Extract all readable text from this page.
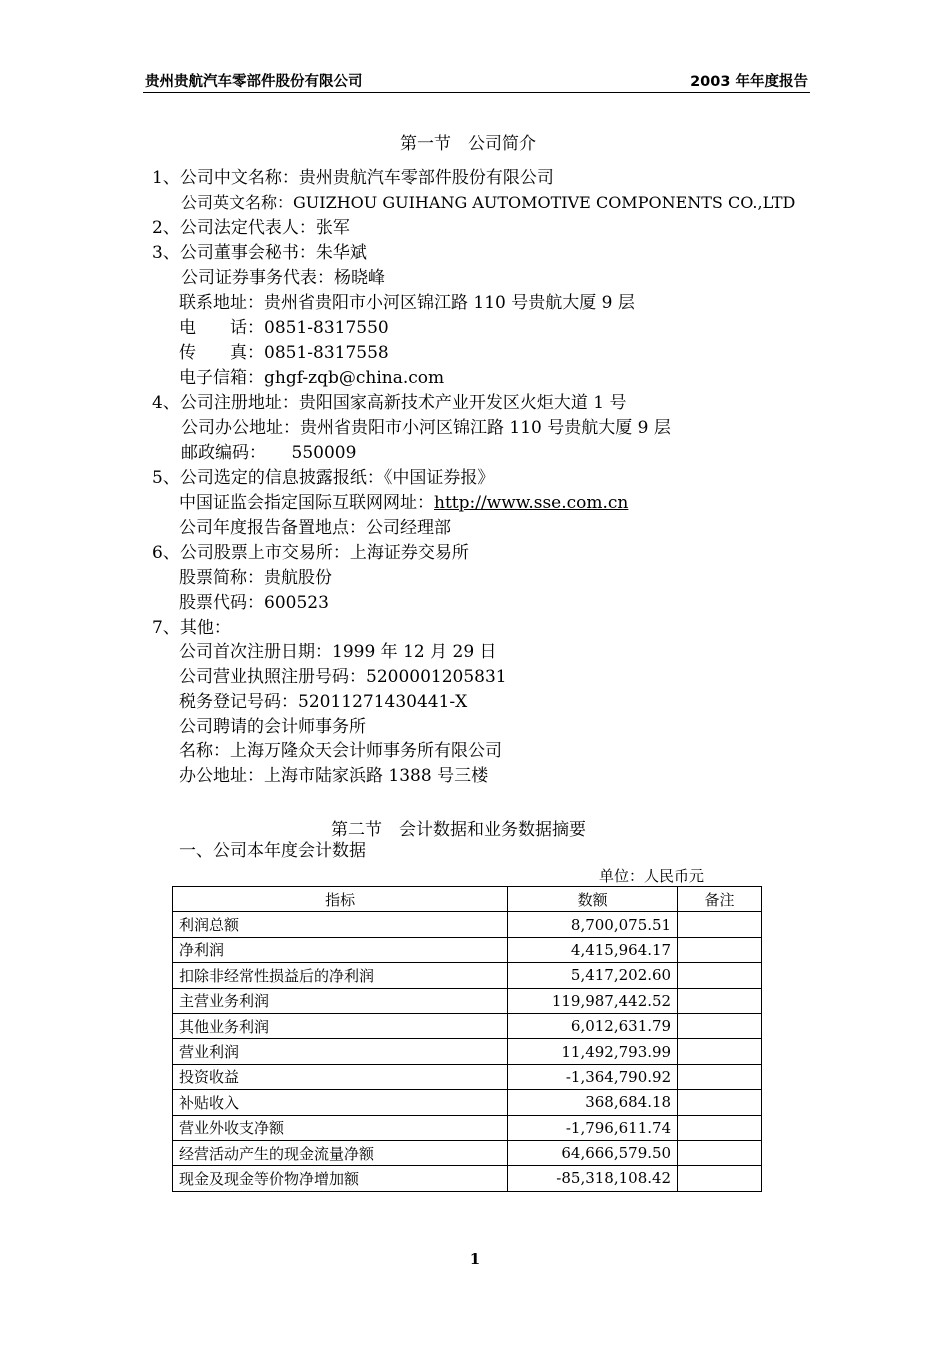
贵州贵航汽车零部件股份有限公司	2003 年年度报告
第一节　公司简介
1、公司中文名称：贵州贵航汽车零部件股份有限公司
公司英文名称：GUIZHOU GUIHANG AUTOMOTIVE COMPONENTS CO.,LTD
2、公司法定代表人：张军
3、公司董事会秘书：朱华斌
公司证券事务代表：杨晓峰
联系地址：贵州省贵阳市小河区锦江路 110 号贵航大厦 9 层
电　　话：0851-8317550
传　　真：0851-8317558
电子信箱：ghgf-zqb@china.com
4、公司注册地址：贵阳国家高新技术产业开发区火炬大道 1 号
公司办公地址：贵州省贵阳市小河区锦江路 110 号贵航大厦 9 层
邮政编码：　　550009
5、公司选定的信息披露报纸：《中国证券报》
中国证监会指定国际互联网网址：http://www.sse.com.cn
公司年度报告备置地点：公司经理部
6、公司股票上市交易所：上海证券交易所
股票简称：贵航股份
股票代码：600523
7、其他：
公司首次注册日期：1999 年 12 月 29 日
公司营业执照注册号码：5200001205831
税务登记号码：52011271430441-X
公司聘请的会计师事务所
名称：上海万隆众天会计师事务所有限公司
办公地址：上海市陆家浜路 1388 号三楼
第二节　会计数据和业务数据摘要
一、公司本年度会计数据
单位：人民币元
指标	数额	备注
利润总额	8,700,075.51	
净利润	4,415,964.17	
扣除非经常性损益后的净利润	5,417,202.60	
主营业务利润	119,987,442.52	
其他业务利润	6,012,631.79	
营业利润	11,492,793.99	
投资收益	-1,364,790.92	
补贴收入	368,684.18	
营业外收支净额	-1,796,611.74	
经营活动产生的现金流量净额	64,666,579.50	
现金及现金等价物净增加额	-85,318,108.42	
1
